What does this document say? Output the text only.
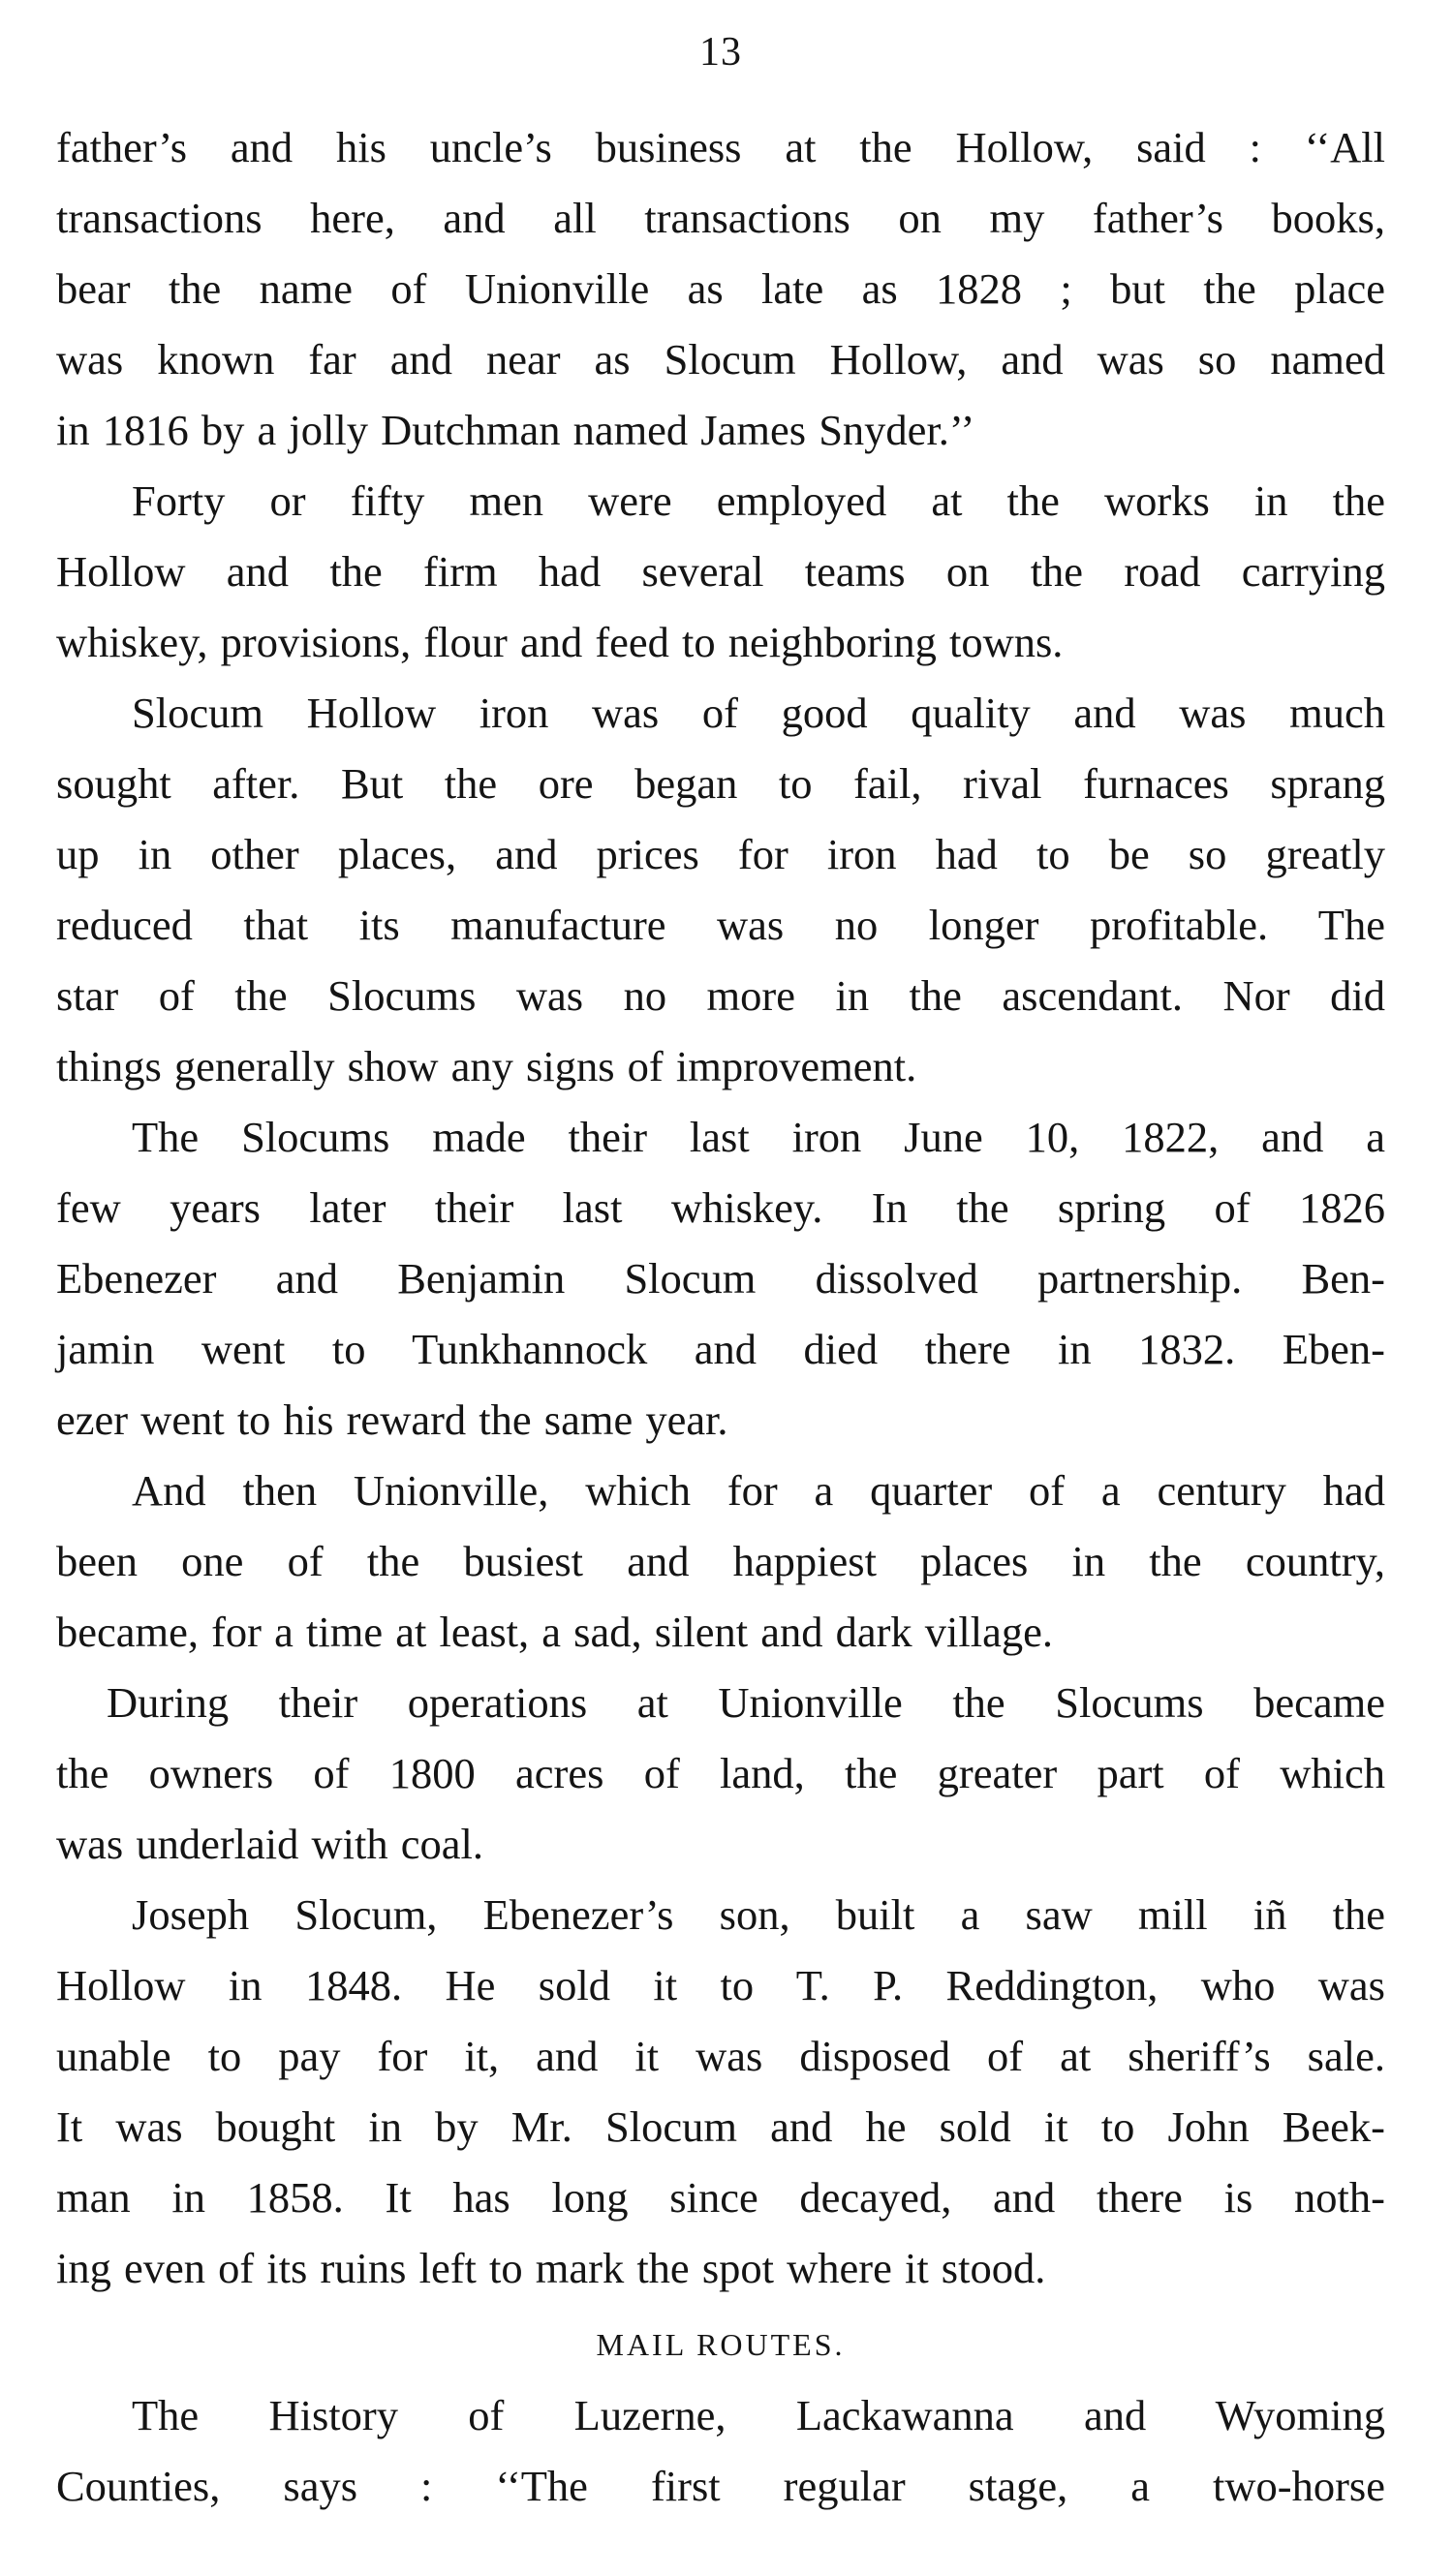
13

father’s and his uncle’s business at the Hollow, said : ‘‘All
transactions here, and all transactions on my father’s books,
bear the name of Unionville as late as 1828 ; but the place
was known far and near as Slocum Hollow, and was so named
in 1816 by a jolly Dutchman named James Snyder.’’

Forty or fifty men were employed at the works in the
Hollow and the firm had several teams on the road carrying
whiskey, provisions, flour and feed to neighboring towns.

Slocum Hollow iron was of good quality and was much
sought after. But the ore began to fail, rival furnaces sprang
up in other places, and prices for iron had to be so greatly
reduced that its manufacture was no longer profitable. The
star of the Slocums was no more in the ascendant. Nor did
things generally show any signs of improvement.

The Slocums made their last iron June 10, 1822, and a
few years later their last whiskey. In the spring of 1826
Ebenezer and Benjamin Slocum dissolved partnership. Ben-
jamin went to Tunkhannock and died there in 1832. Eben-
ezer went to his reward the same year.

And then Unionville, which for a quarter of a century had
been one of the busiest and happiest places in the country,
became, for a time at least, a sad, silent and dark village.

During their operations at Unionville the Slocums became
the owners of 1800 acres of land, the greater part of which
was underlaid with coal.

Joseph Slocum, Ebenezer’s son, built a saw mill iñ the
Hollow in 1848. He sold it to T. P. Reddington, who was
unable to pay for it, and it was disposed of at sheriff’s sale.
It was bought in by Mr. Slocum and he sold it to John Beek-
man in 1858. It has long since decayed, and there is noth-
ing even of its ruins left to mark the spot where it stood.

MAIL ROUTES.

The History of Luzerne, Lackawanna and Wyoming
Counties, says : ‘‘The first regular stage, a two-horse
